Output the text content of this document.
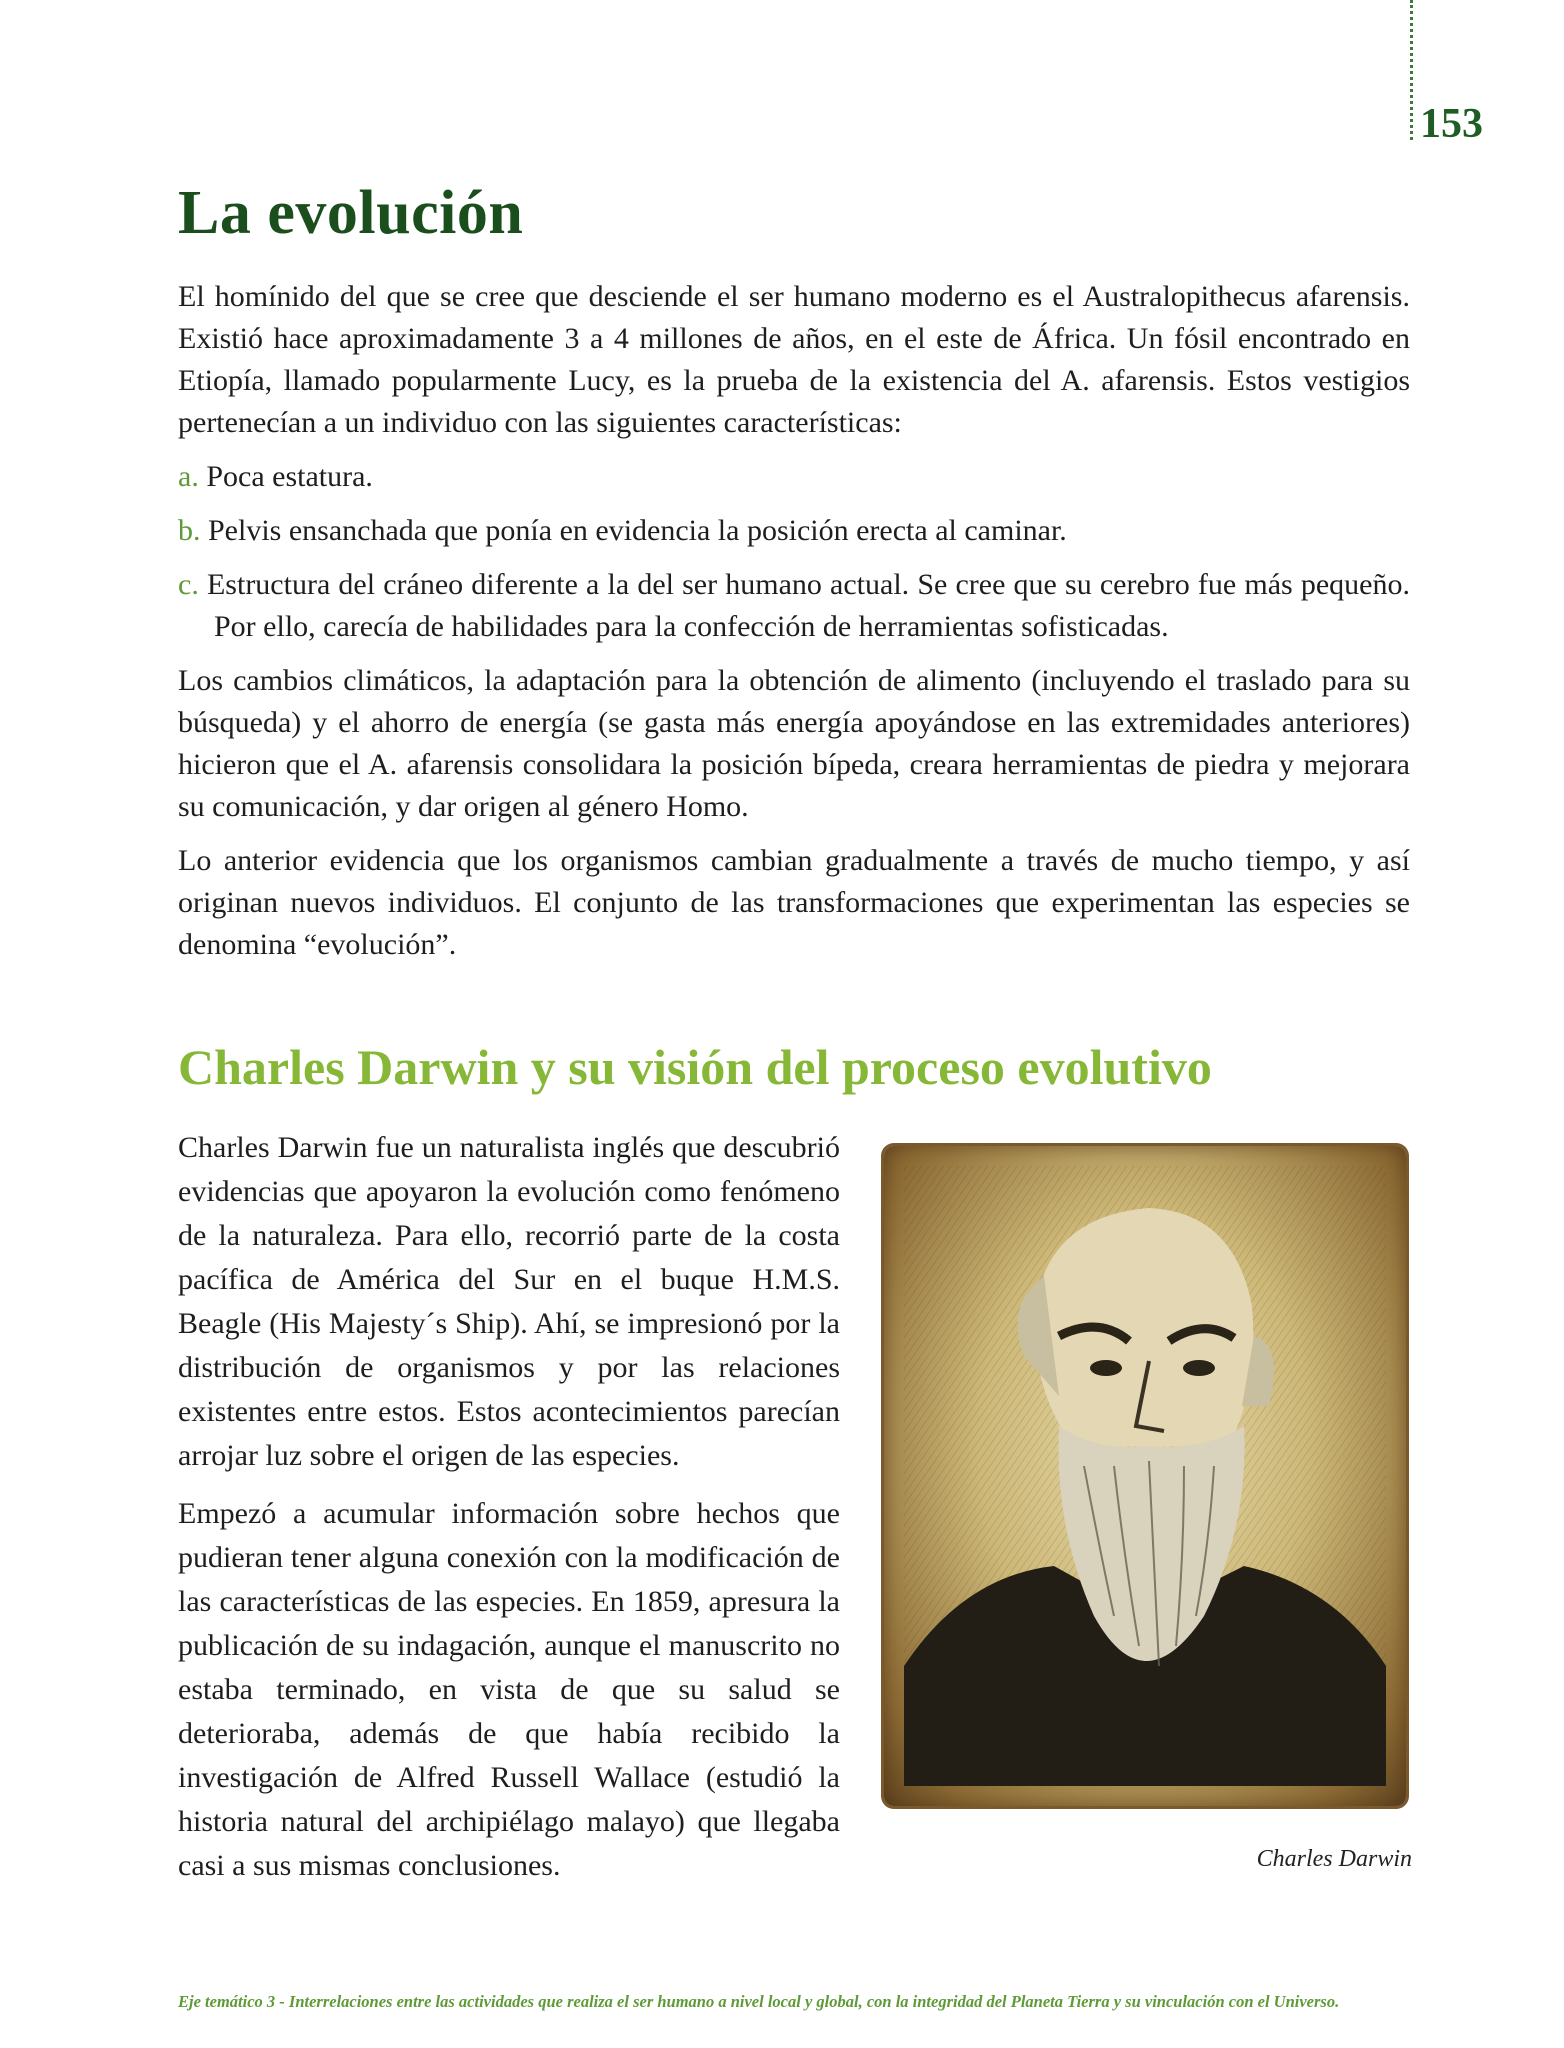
153
La evolución

El homínido del que se cree que desciende el ser humano moderno es el Australopithecus afarensis. Existió hace aproximadamente 3 a 4 millones de años, en el este de África. Un fósil encontrado en Etiopía, llamado popularmente Lucy, es la prueba de la existencia del A. afarensis. Estos vestigios pertenecían a un individuo con las siguientes características:

a. Poca estatura.
b. Pelvis ensanchada que ponía en evidencia la posición erecta al caminar.
c. Estructura del cráneo diferente a la del ser humano actual. Se cree que su cerebro fue más pequeño. Por ello, carecía de habilidades para la confección de herramientas sofisticadas.

Los cambios climáticos, la adaptación para la obtención de alimento (incluyendo el traslado para su búsqueda) y el ahorro de energía (se gasta más energía apoyándose en las extremidades anteriores) hicieron que el A. afarensis consolidara la posición bípeda, creara herramientas de piedra y mejorara su comunicación, y dar origen al género Homo.

Lo anterior evidencia que los organismos cambian gradualmente a través de mucho tiempo, y así originan nuevos individuos. El conjunto de las transformaciones que experimentan las especies se denomina “evolución”.

Charles Darwin y su visión del proceso evolutivo

Charles Darwin fue un naturalista inglés que descubrió evidencias que apoyaron la evolución como fenómeno de la naturaleza. Para ello, recorrió parte de la costa pacífica de América del Sur en el buque H.M.S. Beagle (His Majesty´s Ship). Ahí, se impresionó por la distribución de organismos y por las relaciones existentes entre estos. Estos acontecimientos parecían arrojar luz sobre el origen de las especies.

Empezó a acumular información sobre hechos que pudieran tener alguna conexión con la modificación de las características de las especies. En 1859, apresura la publicación de su indagación, aunque el manuscrito no estaba terminado, en vista de que su salud se deterioraba, además de que había recibido la investigación de Alfred Russell Wallace (estudió la historia natural del archipiélago malayo) que llegaba casi a sus mismas conclusiones.	Charles Darwin
Eje temático 3 - Interrelaciones entre las actividades que realiza el ser humano a nivel local y global, con la integridad del Planeta Tierra y su vinculación con el Universo.
